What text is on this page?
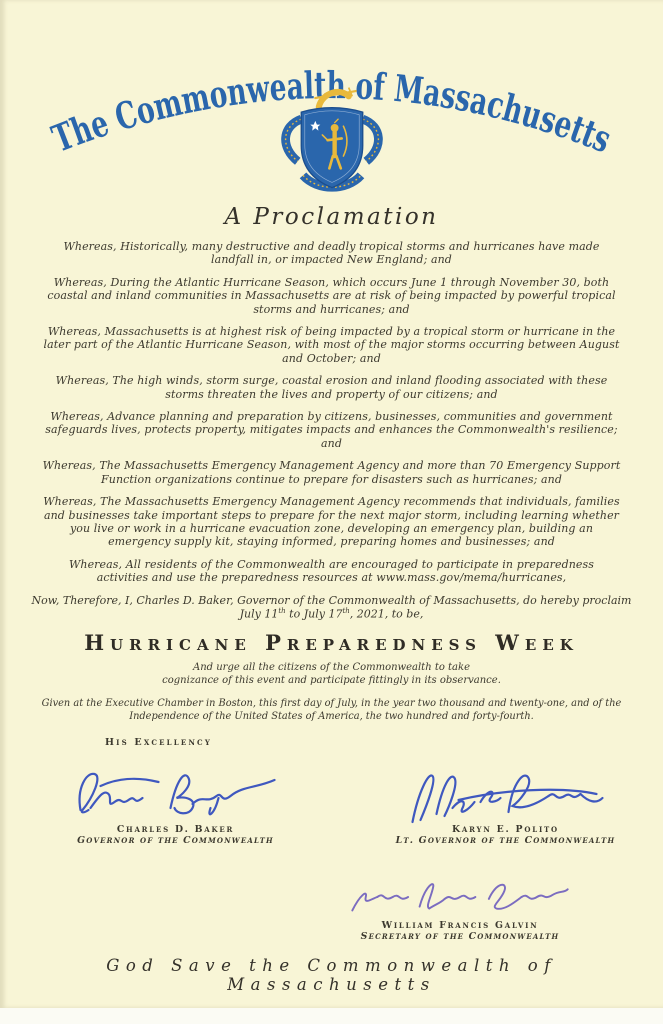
The Commonwealth of Massachusetts
A Proclamation

Whereas, Historically, many destructive and deadly tropical storms and hurricanes have made landfall in, or impacted New England; and

Whereas, During the Atlantic Hurricane Season, which occurs June 1 through November 30, both coastal and inland communities in Massachusetts are at risk of being impacted by powerful tropical storms and hurricanes; and

Whereas, Massachusetts is at highest risk of being impacted by a tropical storm or hurricane in the later part of the Atlantic Hurricane Season, with most of the major storms occurring between August and October; and

Whereas, The high winds, storm surge, coastal erosion and inland flooding associated with these storms threaten the lives and property of our citizens; and

Whereas, Advance planning and preparation by citizens, businesses, communities and government safeguards lives, protects property, mitigates impacts and enhances the Commonwealth's resilience; and

Whereas, The Massachusetts Emergency Management Agency and more than 70 Emergency Support Function organizations continue to prepare for disasters such as hurricanes; and

Whereas, The Massachusetts Emergency Management Agency recommends that individuals, families and businesses take important steps to prepare for the next major storm, including learning whether you live or work in a hurricane evacuation zone, developing an emergency plan, building an emergency supply kit, staying informed, preparing homes and businesses; and

Whereas, All residents of the Commonwealth are encouraged to participate in preparedness activities and use the preparedness resources at www.mass.gov/mema/hurricanes,

Now, Therefore, I, Charles D. Baker, Governor of the Commonwealth of Massachusetts, do hereby proclaim July 11th to July 17th, 2021, to be,

Hurricane Preparedness Week

And urge all the citizens of the Commonwealth to take

cognizance of this event and participate fittingly in its observance.

Given at the Executive Chamber in Boston, this first day of July, in the year two thousand and twenty-one, and of the Independence of the United States of America, the two hundred and forty-fourth.

His Excellency
Charles D. Baker
Governor of the Commonwealth
Karyn E. Polito
Lt. Governor of the Commonwealth
William Francis Galvin
Secretary of the Commonwealth
God Save the Commonwealth of Massachusetts
